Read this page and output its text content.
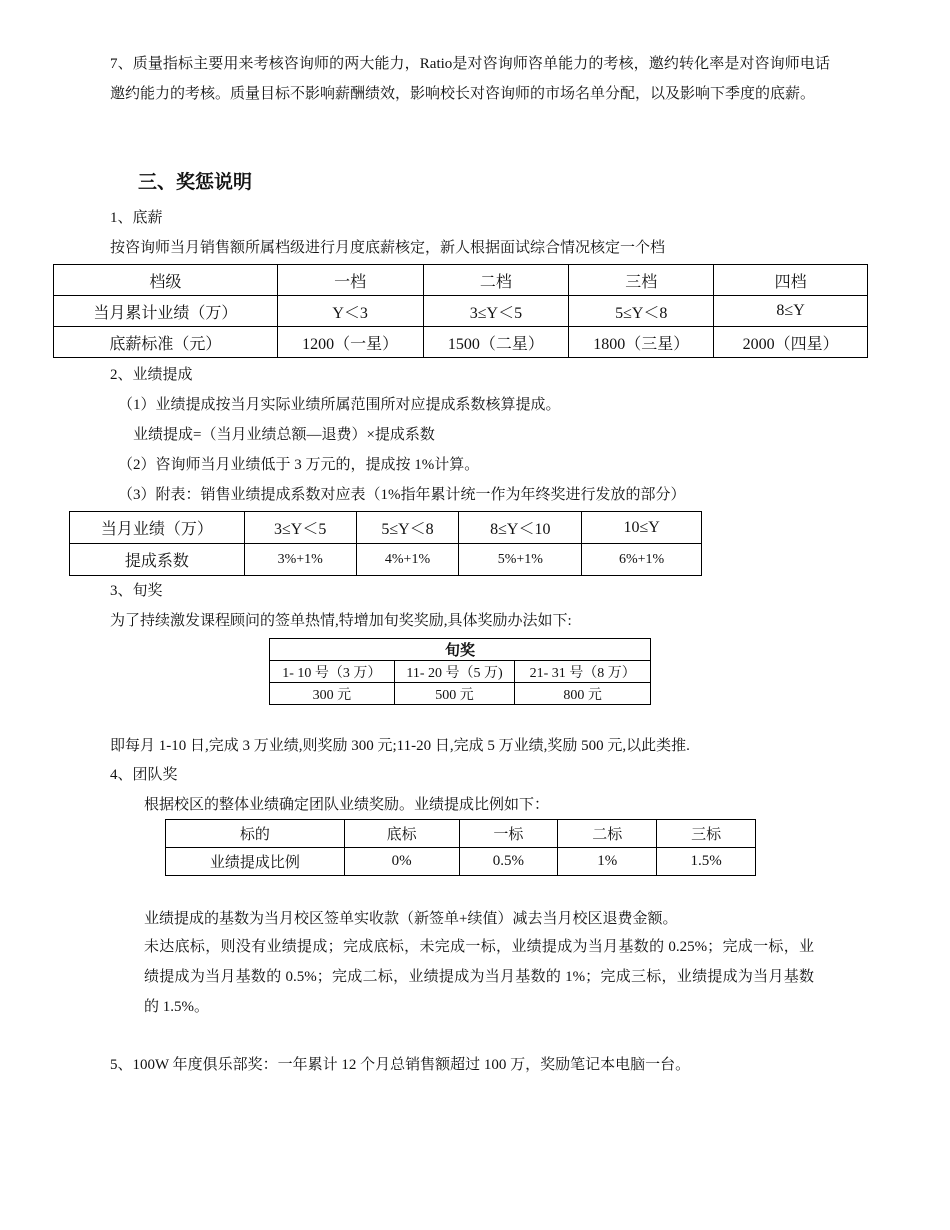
7、质量指标主要用来考核咨询师的两大能力，Ratio是对咨询师咨单能力的考核，邀约转化率是对咨询师电话邀约能力的考核。质量目标不影响薪酬绩效，影响校长对咨询师的市场名单分配，以及影响下季度的底薪。
三、奖惩说明
1、底薪
按咨询师当月销售额所属档级进行月度底薪核定，新人根据面试综合情况核定一个档
档级	一档	二档	三档	四档
当月累计业绩（万）	Y＜3	3≤Y＜5	5≤Y＜8	8≤Y
底薪标准（元）	1200（一星）	1500（二星）	1800（三星）	2000（四星）
2、业绩提成
（1）业绩提成按当月实际业绩所属范围所对应提成系数核算提成。
业绩提成=（当月业绩总额—退费）×提成系数
（2）咨询师当月业绩低于 3 万元的，提成按 1%计算。
（3）附表：销售业绩提成系数对应表（1%指年累计统一作为年终奖进行发放的部分）
当月业绩（万）	3≤Y＜5	5≤Y＜8	8≤Y＜10	10≤Y
提成系数	3%+1%	4%+1%	5%+1%	6%+1%
3、旬奖
为了持续激发课程顾问的签单热情,特增加旬奖奖励,具体奖励办法如下:
旬奖		
1- 10 号（3 万）	11- 20 号（5 万)	21- 31 号（8 万）
300 元	500 元	800 元
即每月 1-10 日,完成 3 万业绩,则奖励 300 元;11-20 日,完成 5 万业绩,奖励 500 元,以此类推.
4、团队奖
根据校区的整体业绩确定团队业绩奖励。业绩提成比例如下：
标的	底标	一标	二标	三标
业绩提成比例	0%	0.5%	1%	1.5%
业绩提成的基数为当月校区签单实收款（新签单+续值）减去当月校区退费金额。
未达底标，则没有业绩提成；完成底标，未完成一标，业绩提成为当月基数的 0.25%；完成一标，业绩提成为当月基数的 0.5%；完成二标，业绩提成为当月基数的 1%；完成三标，业绩提成为当月基数的 1.5%。
5、100W 年度俱乐部奖：一年累计 12 个月总销售额超过 100 万，奖励笔记本电脑一台。
